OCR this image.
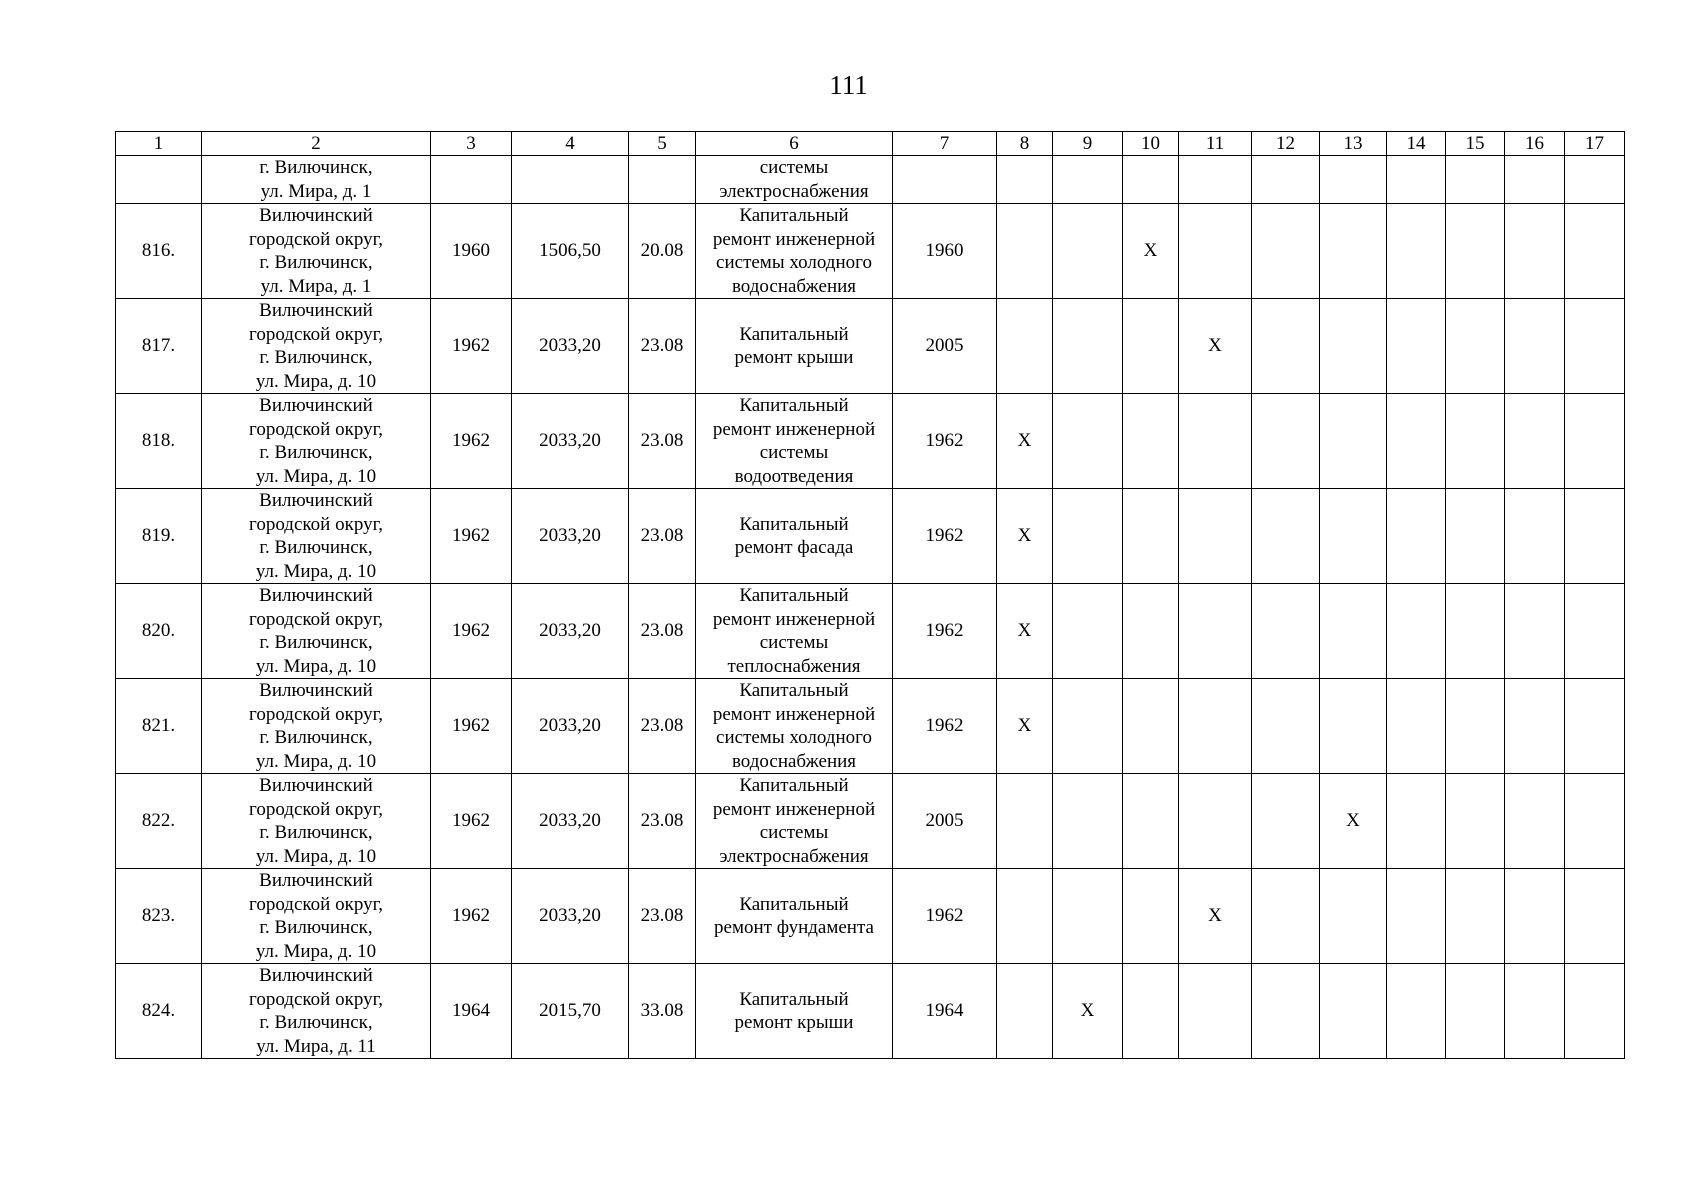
111
1	2	3	4	5	6	7	8	9	10	11	12	13	14	15	16	17

	г. Вилючинск,
ул. Мира, д. 1				системы
электроснабжения											

816.	Вилючинский
городской округ,
г. Вилючинск,
ул. Мира, д. 1	1960	1506,50	20.08	Капитальный
ремонт инженерной
системы холодного
водоснабжения	1960			X							
817.	Вилючинский
городской округ,
г. Вилючинск,
ул. Мира, д. 10	1962	2033,20	23.08	Капитальный
ремонт крыши	2005				X						
818.	Вилючинский
городской округ,
г. Вилючинск,
ул. Мира, д. 10	1962	2033,20	23.08	Капитальный
ремонт инженерной
системы
водоотведения	1962	X									
819.	Вилючинский
городской округ,
г. Вилючинск,
ул. Мира, д. 10	1962	2033,20	23.08	Капитальный
ремонт фасада	1962	X									
820.	Вилючинский
городской округ,
г. Вилючинск,
ул. Мира, д. 10	1962	2033,20	23.08	Капитальный
ремонт инженерной
системы
теплоснабжения	1962	X									
821.	Вилючинский
городской округ,
г. Вилючинск,
ул. Мира, д. 10	1962	2033,20	23.08	Капитальный
ремонт инженерной
системы холодного
водоснабжения	1962	X									
822.	Вилючинский
городской округ,
г. Вилючинск,
ул. Мира, д. 10	1962	2033,20	23.08	Капитальный
ремонт инженерной
системы
электроснабжения	2005						X				
823.	Вилючинский
городской округ,
г. Вилючинск,
ул. Мира, д. 10	1962	2033,20	23.08	Капитальный
ремонт фундамента	1962				X						
824.	Вилючинский
городской округ,
г. Вилючинск,
ул. Мира, д. 11	1964	2015,70	33.08	Капитальный
ремонт крыши	1964		X								
